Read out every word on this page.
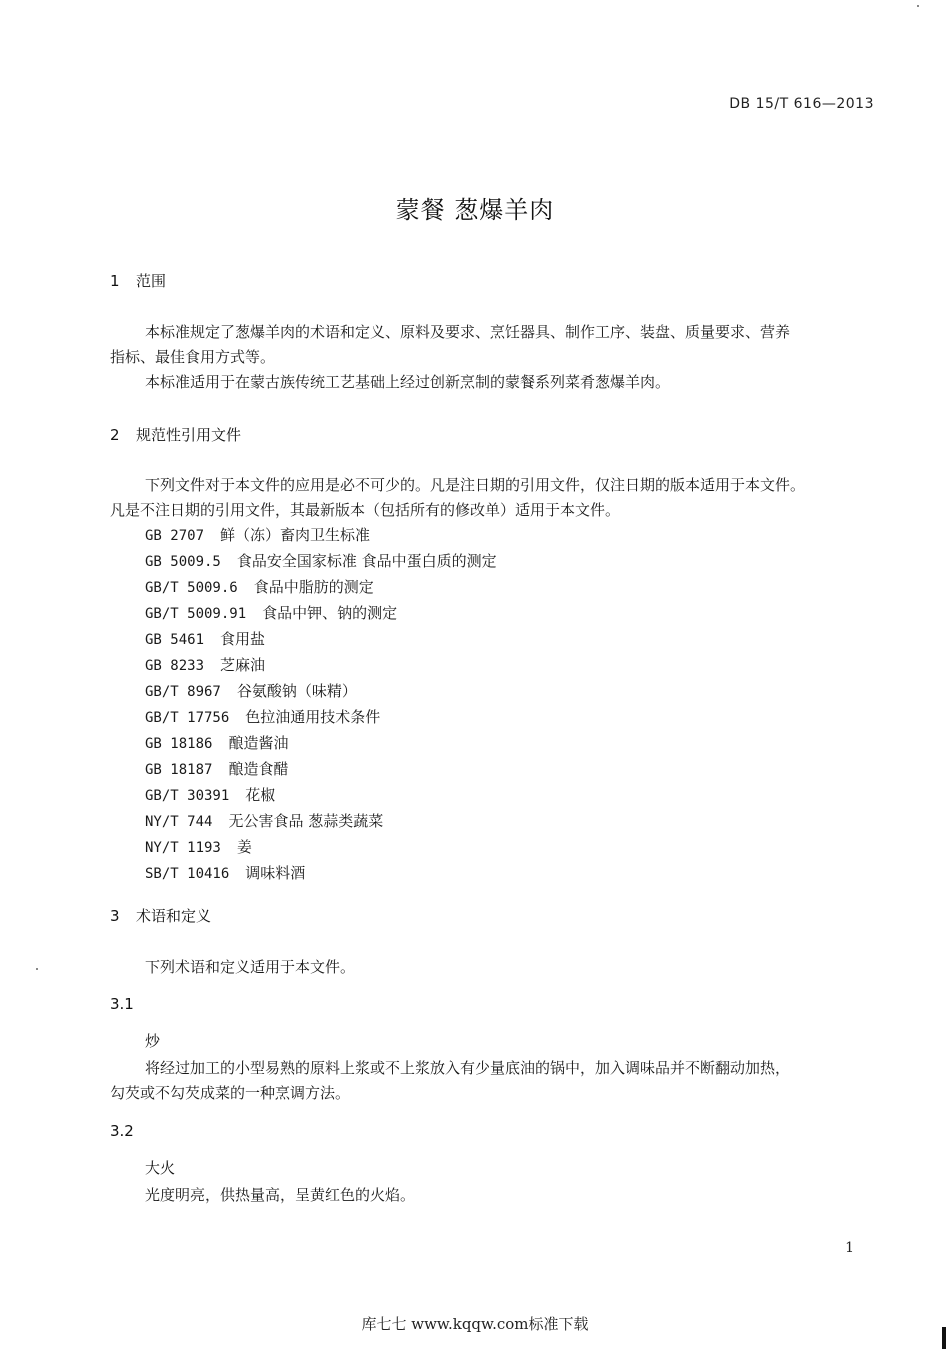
DB 15/T 616—2013
蒙餐 葱爆羊肉
1 范围
本标准规定了葱爆羊肉的术语和定义、原料及要求、烹饪器具、制作工序、装盘、质量要求、营养
指标、最佳食用方式等。
本标准适用于在蒙古族传统工艺基础上经过创新烹制的蒙餐系列菜肴葱爆羊肉。
2 规范性引用文件
下列文件对于本文件的应用是必不可少的。凡是注日期的引用文件，仅注日期的版本适用于本文件。
凡是不注日期的引用文件，其最新版本（包括所有的修改单）适用于本文件。
GB 2707 鲜（冻）畜肉卫生标准
GB 5009.5 食品安全国家标准 食品中蛋白质的测定
GB/T 5009.6 食品中脂肪的测定
GB/T 5009.91 食品中钾、钠的测定
GB 5461 食用盐
GB 8233 芝麻油
GB/T 8967 谷氨酸钠（味精）
GB/T 17756 色拉油通用技术条件
GB 18186 酿造酱油
GB 18187 酿造食醋
GB/T 30391 花椒
NY/T 744 无公害食品 葱蒜类蔬菜
NY/T 1193 姜
SB/T 10416 调味料酒
3 术语和定义
下列术语和定义适用于本文件。
3.1
炒
将经过加工的小型易熟的原料上浆或不上浆放入有少量底油的锅中，加入调味品并不断翻动加热，
勾芡或不勾芡成菜的一种烹调方法。
3.2
大火
光度明亮，供热量高，呈黄红色的火焰。
1
库七七 www.kqqw.com标准下载
